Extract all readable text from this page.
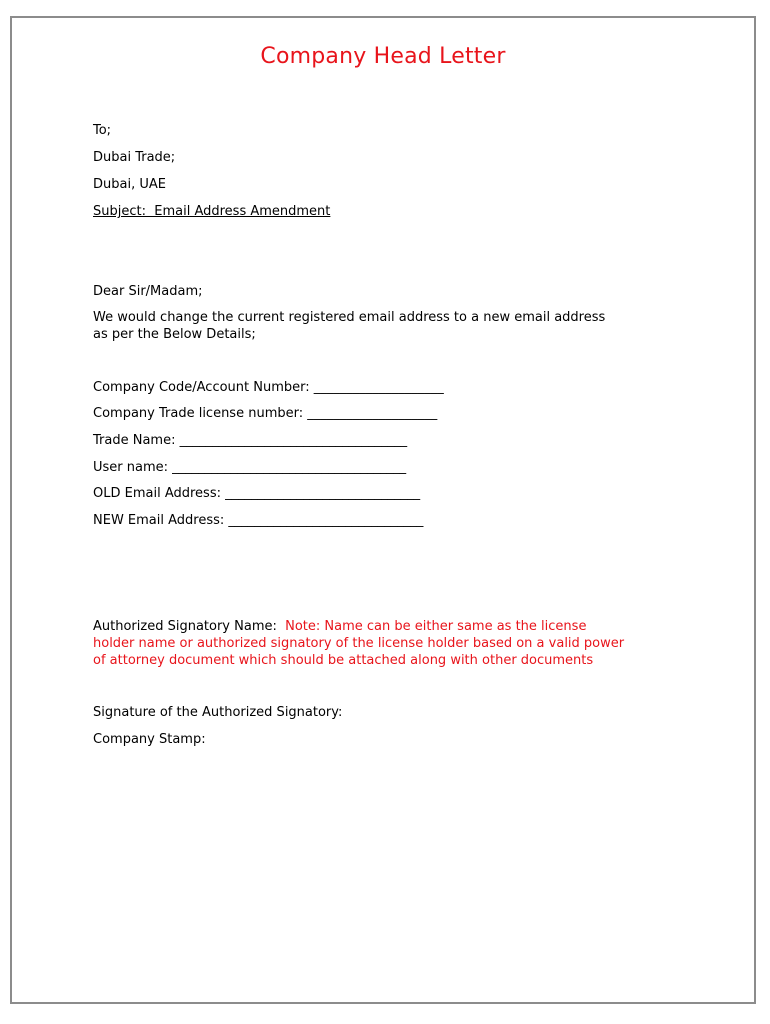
Company Head Letter
To;
Dubai Trade;
Dubai, UAE
Subject:  Email Address Amendment
Dear Sir/Madam;
We would change the current registered email address to a new email address
as per the Below Details;
Company Code/Account Number: ____________________
Company Trade license number: ____________________
Trade Name: ___________________________________
User name: ____________________________________
OLD Email Address: ______________________________
NEW Email Address: ______________________________
Authorized Signatory Name:  Note: Name can be either same as the license
holder name or authorized signatory of the license holder based on a valid power
of attorney document which should be attached along with other documents
Signature of the Authorized Signatory:
Company Stamp:
